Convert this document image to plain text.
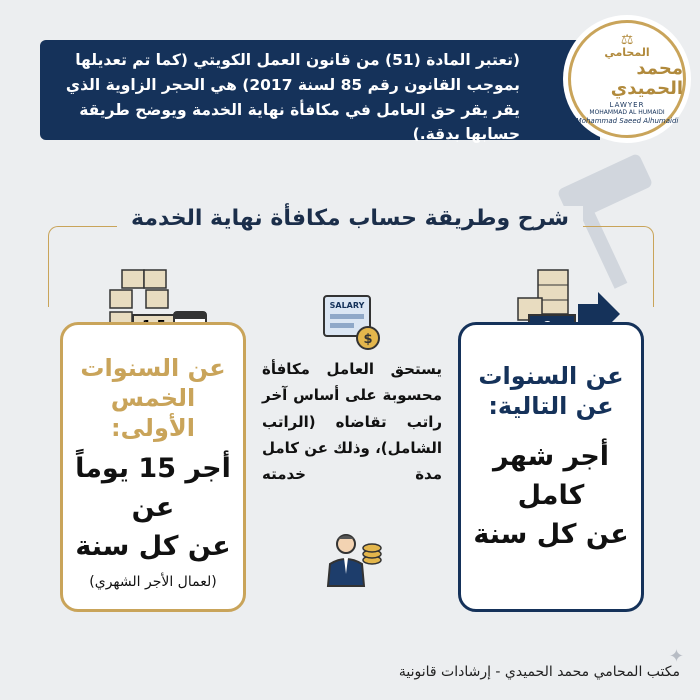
(تعتبر المادة (51) من قانون العمل الكويتي (كما تم تعديلها بموجب القانون رقم 85 لسنة 2017) هي الحجر الزاوية الذي يقر يقر حق العامل في مكافأة نهاية الخدمة ويوضح طريقة حسابها بدقة.)
⚖
المحامي
محمد الحميدي
LAWYER
MOHAMMAD AL HUMAIDI
Mohammad Saeed Alhumaidi
شرح وطريقة حساب مكافأة نهاية الخدمة
عن السنوات
الخمس
الأولى:
أجر 15 يوماً عن
عن كل سنة
(لعمال الأجر الشهري)
SALARY
$
يستحق العامل مكافأة محسوبة على أساس آخر راتب تقاضاه (الراتب الشامل)، وذلك عن كامل مدة خدمته
عن السنوات
عن التالية:
أجر شهر كامل
عن كل سنة
مكتب المحامي محمد الحميدي - إرشادات قانونية
✦
